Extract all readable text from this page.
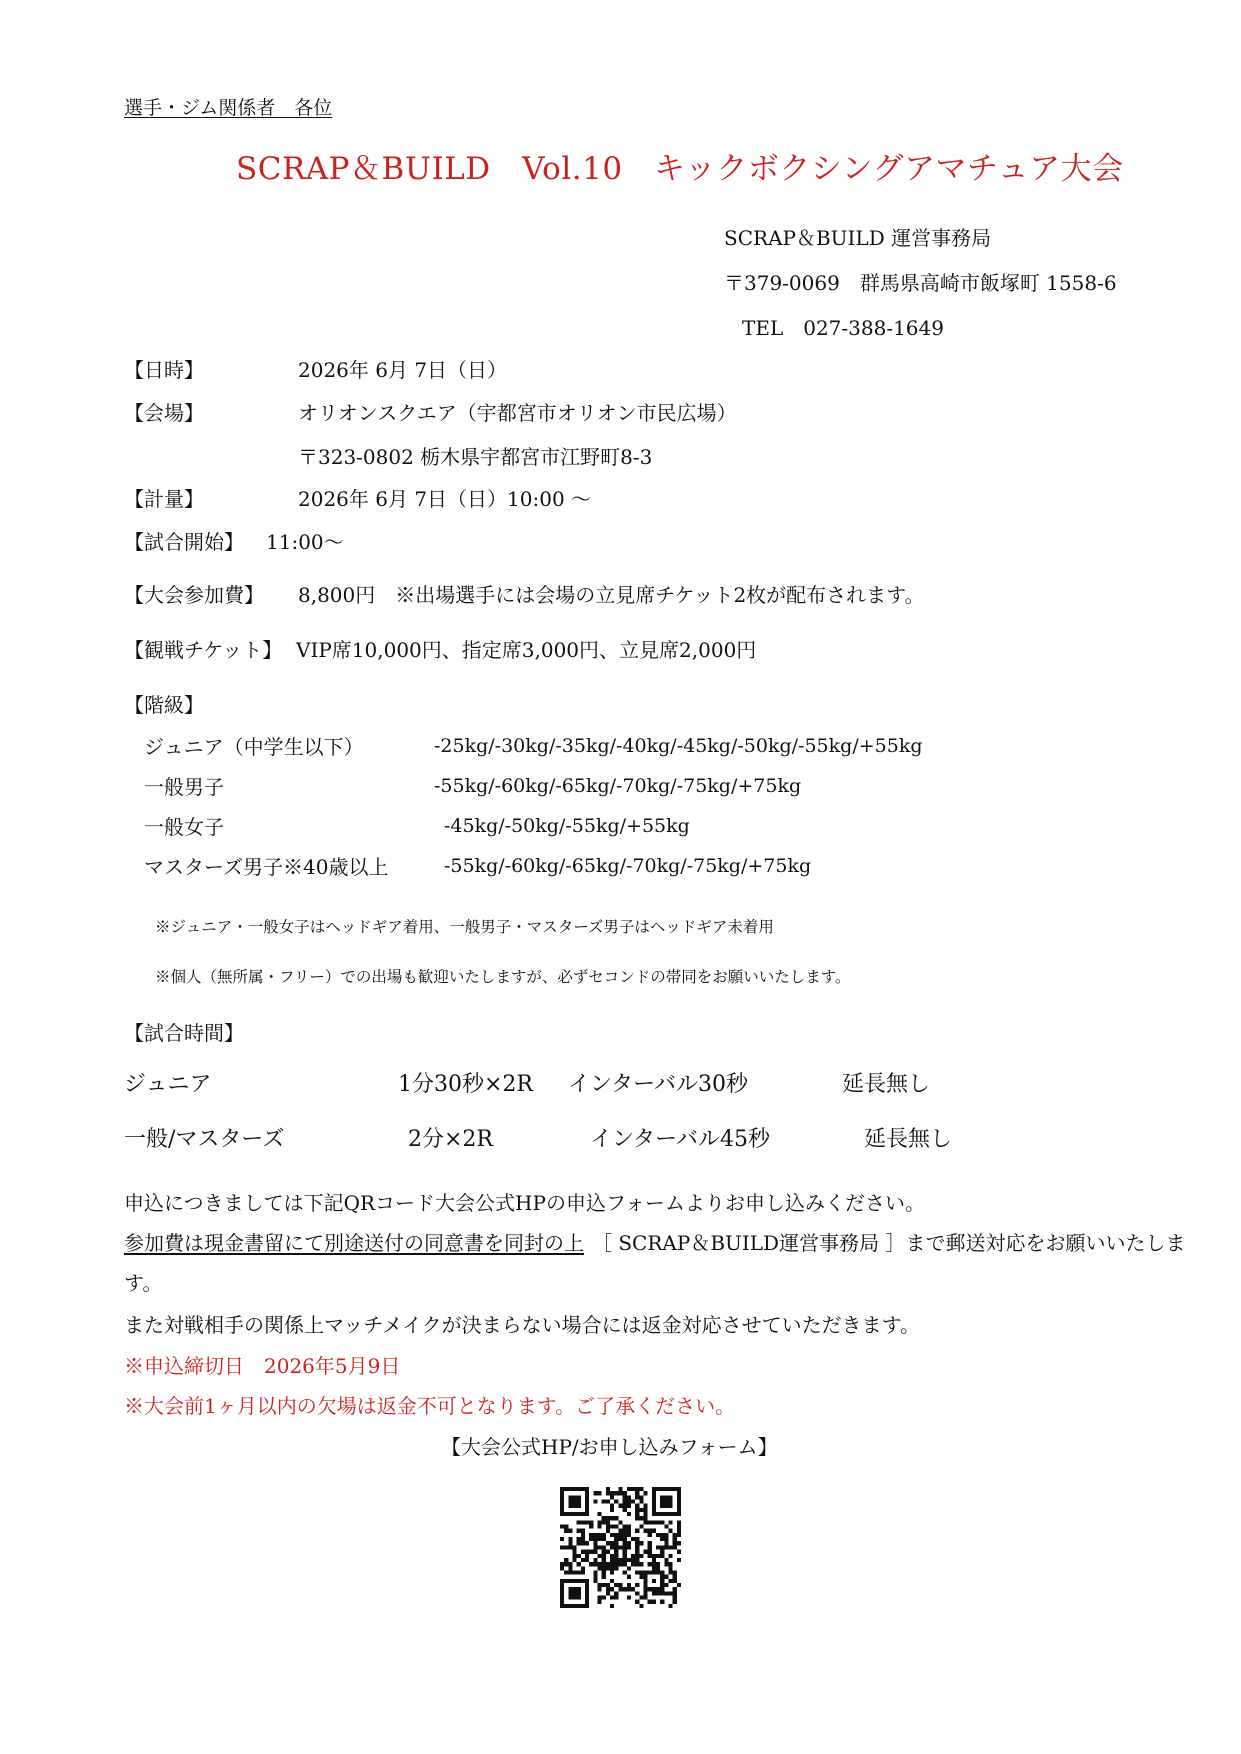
選手・ジム関係者　各位
SCRAP＆BUILD　Vol.10　キックボクシングアマチュア大会
SCRAP＆BUILD 運営事務局
〒379-0069　群馬県高崎市飯塚町 1558-6
TEL　027-388-1649
【日時】	2026年 6月 7日（日）
【会場】	オリオンスクエア（宇都宮市オリオン市民広場）
〒323-0802 栃木県宇都宮市江野町8-3
【計量】	2026年 6月 7日（日）10:00 ～
【試合開始】 11:00～
【大会参加費】 8,800円　※出場選手には会場の立見席チケット2枚が配布されます。
【観戦チケット】 VIP席10,000円、指定席3,000円、立見席2,000円
【階級】
ジュニア（中学生以下）	-25kg/-30kg/-35kg/-40kg/-45kg/-50kg/-55kg/+55kg
一般男子	-55kg/-60kg/-65kg/-70kg/-75kg/+75kg
一般女子	-45kg/-50kg/-55kg/+55kg
マスターズ男子※40歳以上	-55kg/-60kg/-65kg/-70kg/-75kg/+75kg
※ジュニア・一般女子はヘッドギア着用、一般男子・マスターズ男子はヘッドギア未着用
※個人（無所属・フリー）での出場も歓迎いたしますが、必ずセコンドの帯同をお願いいたします。
【試合時間】
ジュニア	1分30秒×2R インターバル30秒	延長無し
一般/マスターズ	2分×2R	インターバル45秒	延長無し
申込につきましては下記QRコード大会公式HPの申込フォームよりお申し込みください。
参加費は現金書留にて別途送付の同意書を同封の上 ［ SCRAP＆BUILD運営事務局 ］まで郵送対応をお願いいたしま
す。
また対戦相手の関係上マッチメイクが決まらない場合には返金対応させていただきます。
※申込締切日　2026年5月9日
※大会前1ヶ月以内の欠場は返金不可となります。ご了承ください。
【大会公式HP/お申し込みフォーム】
